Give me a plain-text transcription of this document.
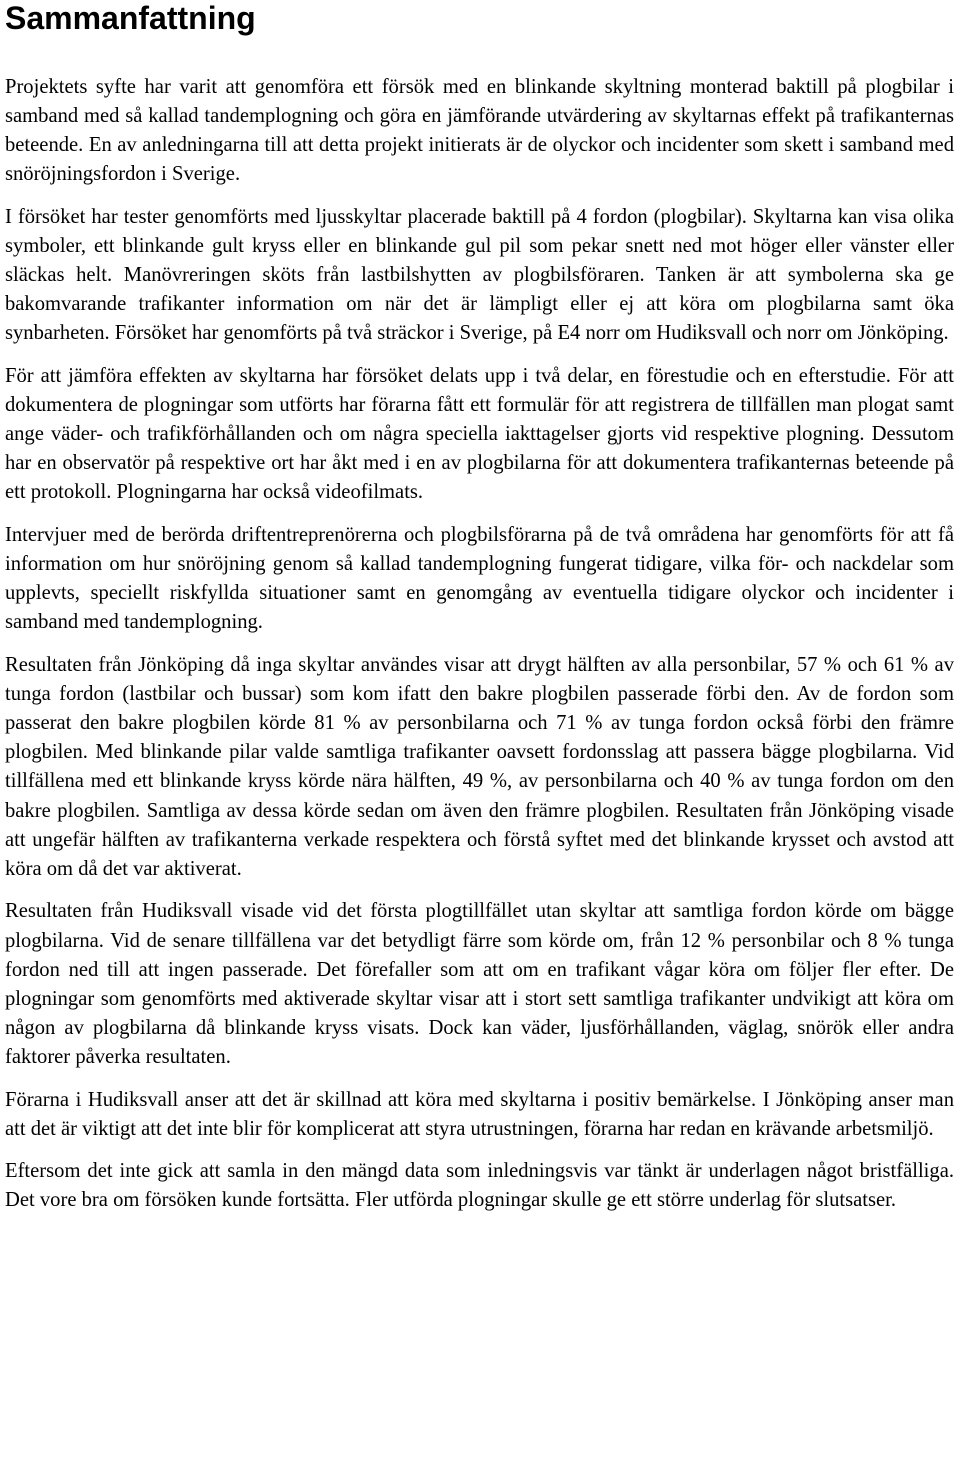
Sammanfattning

Projektets syfte har varit att genomföra ett försök med en blinkande skyltning monterad baktill på plogbilar i samband med så kallad tandemplogning och göra en jämförande utvärdering av skyltarnas effekt på trafikanternas beteende. En av anledningarna till att detta projekt initierats är de olyckor och incidenter som skett i samband med snöröjningsfordon i Sverige.

I försöket har tester genomförts med ljusskyltar placerade baktill på 4 fordon (plogbilar). Skyltarna kan visa olika symboler, ett blinkande gult kryss eller en blinkande gul pil som pekar snett ned mot höger eller vänster eller släckas helt. Manövreringen sköts från lastbilshytten av plogbilsföraren. Tanken är att symbolerna ska ge bakomvarande trafikanter information om när det är lämpligt eller ej att köra om plogbilarna samt öka synbarheten. Försöket har genomförts på två sträckor i Sverige, på E4 norr om Hudiksvall och norr om Jönköping.

För att jämföra effekten av skyltarna har försöket delats upp i två delar, en förestudie och en efterstudie. För att dokumentera de plogningar som utförts har förarna fått ett formulär för att registrera de tillfällen man plogat samt ange väder- och trafikförhållanden och om några speciella iakttagelser gjorts vid respektive plogning. Dessutom har en observatör på respektive ort har åkt med i en av plogbilarna för att dokumentera trafikanternas beteende på ett protokoll. Plogningarna har också videofilmats.

Intervjuer med de berörda driftentreprenörerna och plogbilsförarna på de två områdena har genomförts för att få information om hur snöröjning genom så kallad tandemplogning fungerat tidigare, vilka för- och nackdelar som upplevts, speciellt riskfyllda situationer samt en genomgång av eventuella tidigare olyckor och incidenter i samband med tandemplogning.

Resultaten från Jönköping då inga skyltar användes visar att drygt hälften av alla personbilar, 57 % och 61 % av tunga fordon (lastbilar och bussar) som kom ifatt den bakre plogbilen passerade förbi den. Av de fordon som passerat den bakre plogbilen körde 81 % av personbilarna och 71 % av tunga fordon också förbi den främre plogbilen. Med blinkande pilar valde samtliga trafikanter oavsett fordonsslag att passera bägge plogbilarna. Vid tillfällena med ett blinkande kryss körde nära hälften, 49 %, av personbilarna och 40 % av tunga fordon om den bakre plogbilen. Samtliga av dessa körde sedan om även den främre plogbilen. Resultaten från Jönköping visade att ungefär hälften av trafikanterna verkade respektera och förstå syftet med det blinkande krysset och avstod att köra om då det var aktiverat.

Resultaten från Hudiksvall visade vid det första plogtillfället utan skyltar att samtliga fordon körde om bägge plogbilarna. Vid de senare tillfällena var det betydligt färre som körde om, från 12 % personbilar och 8 % tunga fordon ned till att ingen passerade. Det förefaller som att om en trafikant vågar köra om följer fler efter. De plogningar som genomförts med aktiverade skyltar visar att i stort sett samtliga trafikanter undvikigt att köra om någon av plogbilarna då blinkande kryss visats. Dock kan väder, ljusförhållanden, väglag, snörök eller andra faktorer påverka resultaten.

Förarna i Hudiksvall anser att det är skillnad att köra med skyltarna i positiv bemärkelse. I Jönköping anser man att det är viktigt att det inte blir för komplicerat att styra utrustningen, förarna har redan en krävande arbetsmiljö.

Eftersom det inte gick att samla in den mängd data som inledningsvis var tänkt är underlagen något bristfälliga. Det vore bra om försöken kunde fortsätta. Fler utförda plogningar skulle ge ett större underlag för slutsatser.
